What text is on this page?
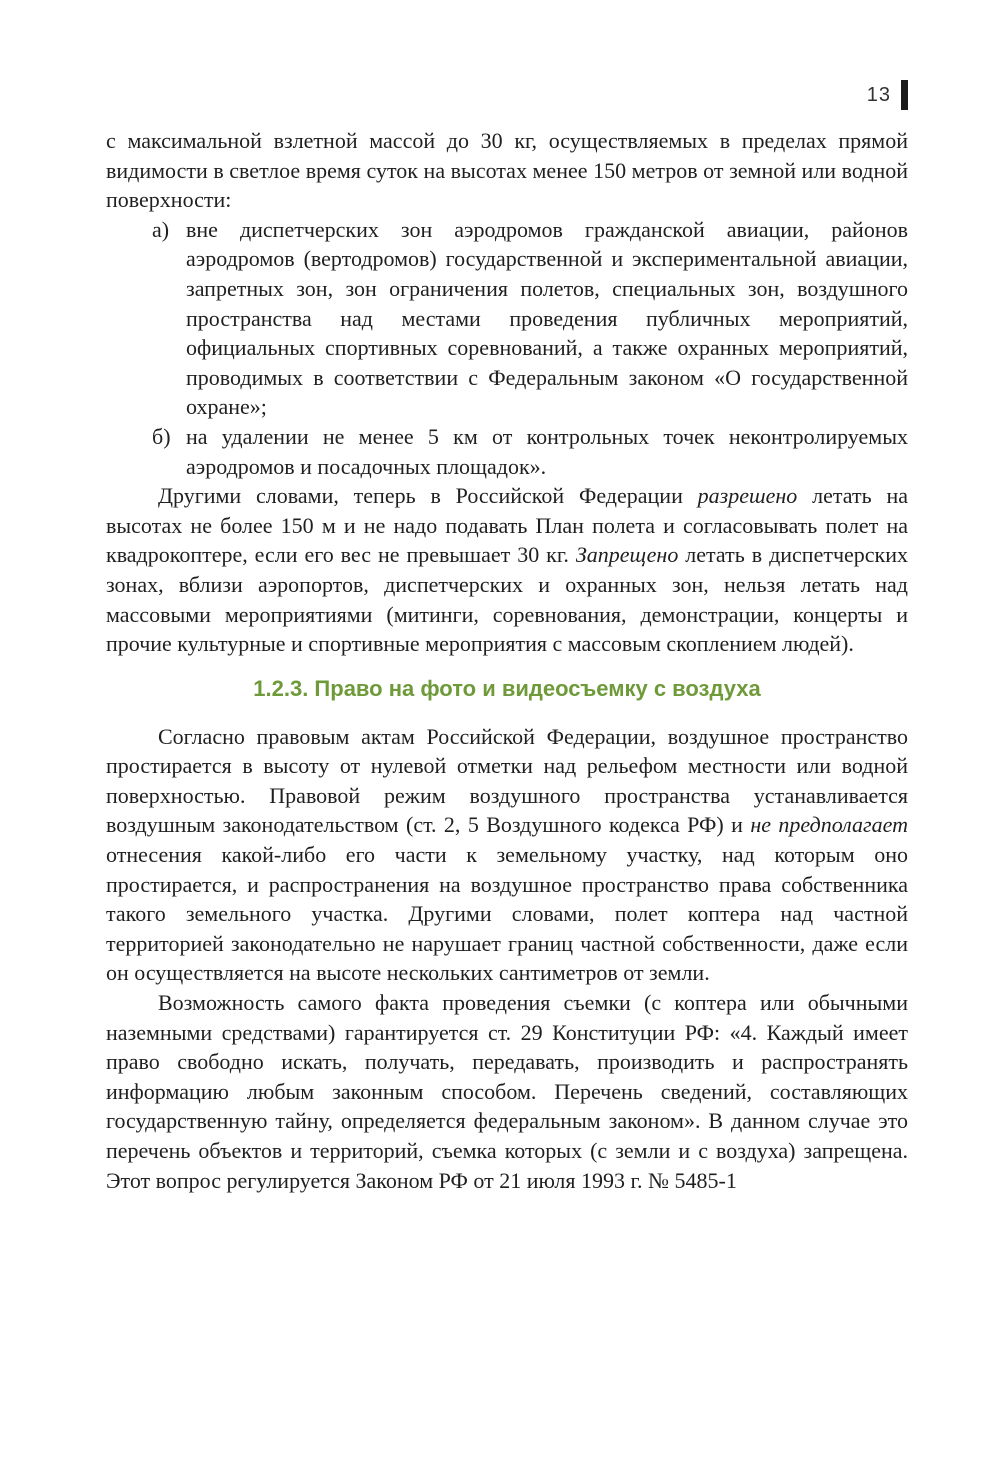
13

с максимальной взлетной массой до 30 кг, осуществляемых в пределах прямой видимости в светлое время суток на высотах менее 150 метров от земной или водной поверхности:

а) вне диспетчерских зон аэродромов гражданской авиации, районов аэродромов (вертодромов) государственной и экспериментальной авиации, запретных зон, зон ограничения полетов, специальных зон, воздушного пространства над местами проведения публичных мероприятий, официальных спортивных соревнований, а также охранных мероприятий, проводимых в соответствии с Федеральным законом «О государственной охране»;
б) на удалении не менее 5 км от контрольных точек неконтролируемых аэродромов и посадочных площадок».

Другими словами, теперь в Российской Федерации разрешено летать на высотах не более 150 м и не надо подавать План полета и согласовывать полет на квадрокоптере, если его вес не превышает 30 кг. Запрещено летать в диспетчерских зонах, вблизи аэропортов, диспетчерских и охранных зон, нельзя летать над массовыми мероприятиями (митинги, соревнования, демонстрации, концерты и прочие культурные и спортивные мероприятия с массовым скоплением людей).

1.2.3. Право на фото и видеосъемку с воздуха

Согласно правовым актам Российской Федерации, воздушное пространство простирается в высоту от нулевой отметки над рельефом местности или водной поверхностью. Правовой режим воздушного пространства устанавливается воздушным законодательством (ст. 2, 5 Воздушного кодекса РФ) и не предполагает отнесения какой-либо его части к земельному участку, над которым оно простирается, и распространения на воздушное пространство права собственника такого земельного участка. Другими словами, полет коптера над частной территорией законодательно не нарушает границ частной собственности, даже если он осуществляется на высоте нескольких сантиметров от земли.

Возможность самого факта проведения съемки (с коптера или обычными наземными средствами) гарантируется ст. 29 Конституции РФ: «4. Каждый имеет право свободно искать, получать, передавать, производить и распространять информацию любым законным способом. Перечень сведений, составляющих государственную тайну, определяется федеральным законом». В данном случае это перечень объектов и территорий, съемка которых (с земли и с воздуха) запрещена. Этот вопрос регулируется Законом РФ от 21 июля 1993 г. № 5485-1
